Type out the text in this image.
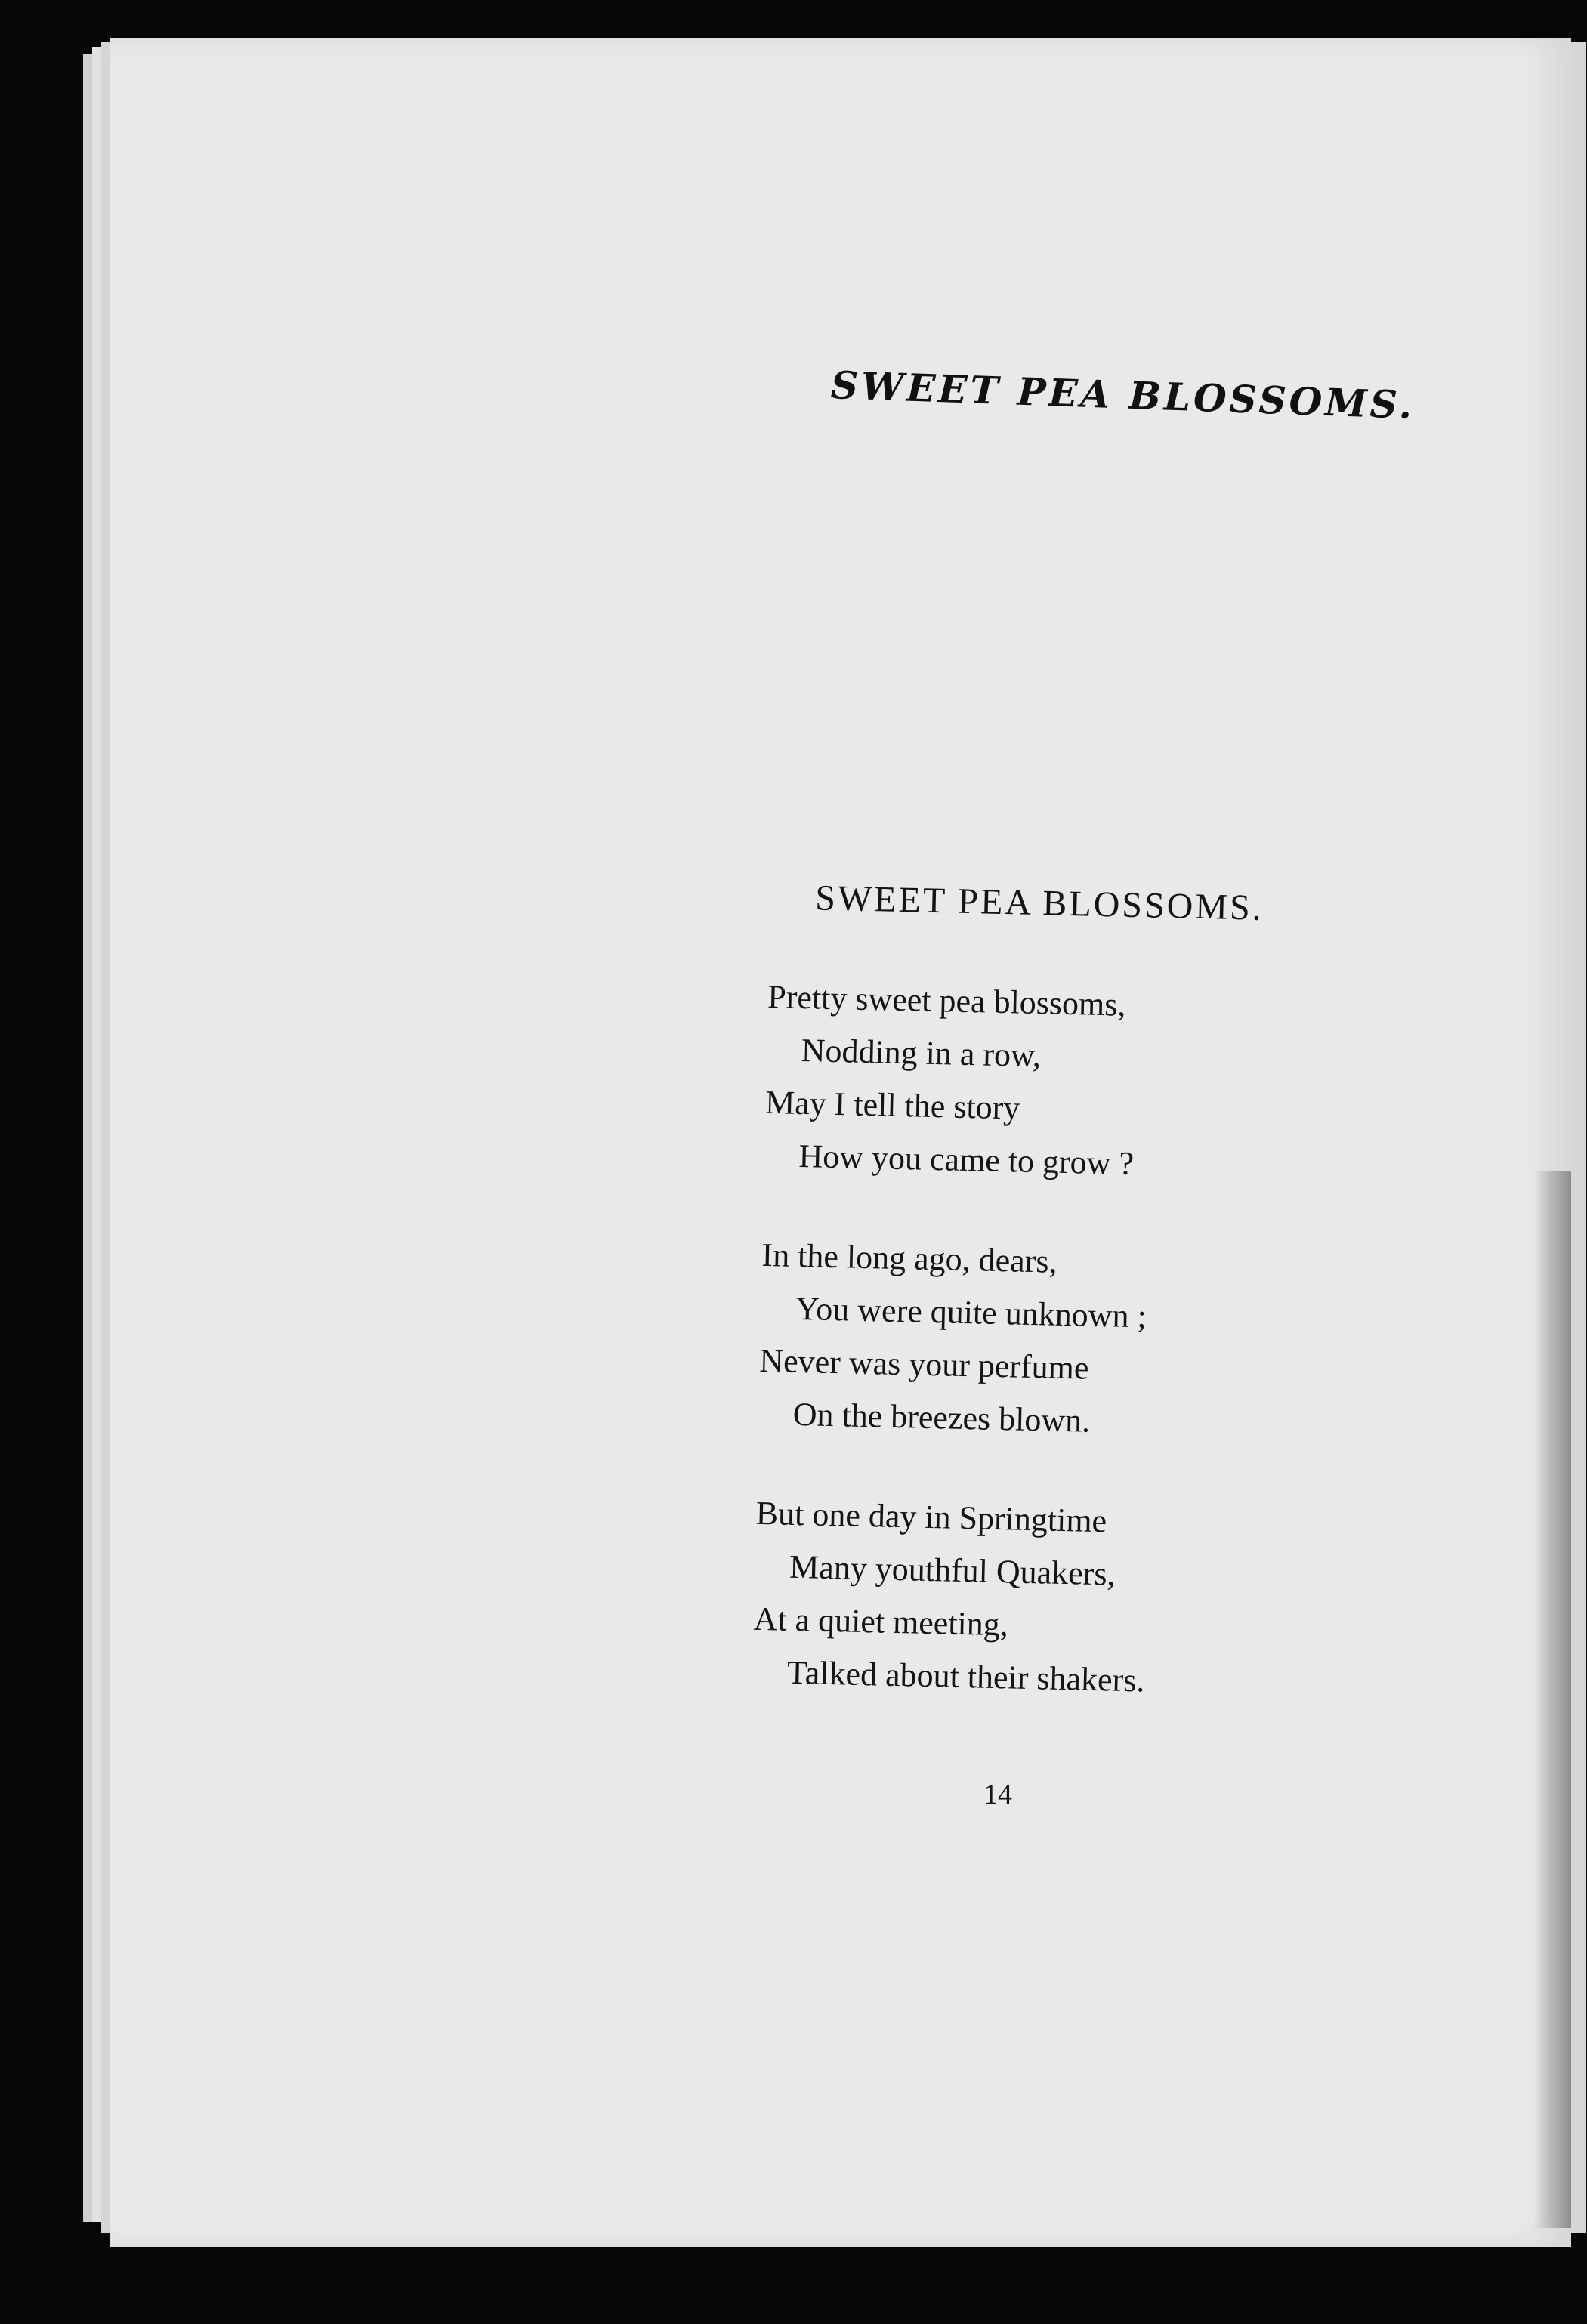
SWEET PEA BLOSSOMS.
SWEET PEA BLOSSOMS.
Pretty sweet pea blossoms,
Nodding in a row,
May I tell the story
How you came to grow ?
In the long ago, dears,
You were quite unknown ;
Never was your perfume
On the breezes blown.
But one day in Springtime
Many youthful Quakers,
At a quiet meeting,
Talked about their shakers.
14
